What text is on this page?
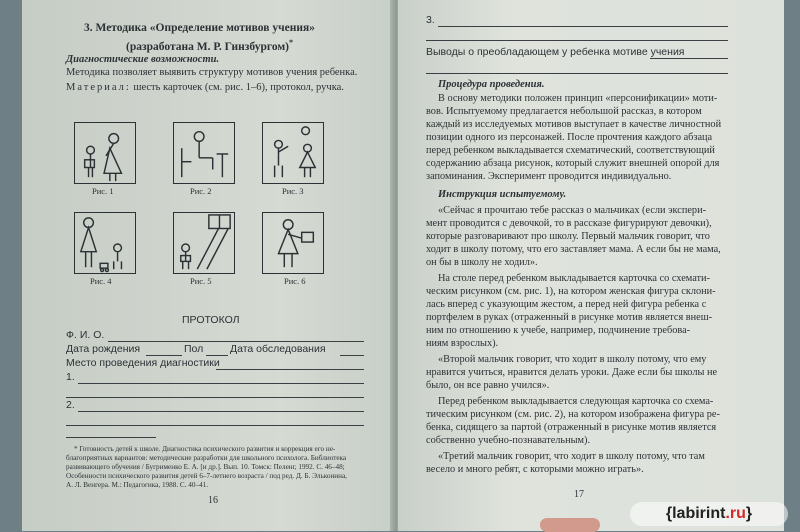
3. Методика «Определение мотивов учения»
(разработана М. Р. Гинзбургом)*
Диагностические возможности.
Методика позволяет выявить структуру мотивов учения ребенка.
Материал: шесть карточек (см. рис. 1–6), протокол, ручка.
Рис. 1	Рис. 2	Рис. 3
Рис. 4	Рис. 5	Рис. 6
ПРОТОКОЛ
Ф. И. О.
Дата рождения	Пол	Дата обследования
Место проведения диагностики
1.
2.
* Готовность детей к школе. Диагностика психического развития и коррекция его не-
благоприятных вариантов: методические разработки для школьного психолога. Библиотека
развивающего обучения / Бугрименко Е. А. [и др.]. Вып. 10. Томск: Пеленг, 1992. С. 46–48;
Особенности психического развития детей 6–7-летнего возраста / под ред. Д. Б. Эльконина,
А. Л. Венгера. М.: Педагогика, 1988. С. 40–41.
16
3.
Выводы о преобладающем у ребенка мотиве учения
Процедура проведения.
В основу методики положен принцип «персонификации» моти-
вов. Испытуемому предлагается небольшой рассказ, в котором
каждый из исследуемых мотивов выступает в качестве личностной
позиции одного из персонажей. После прочтения каждого абзаца
перед ребенком выкладывается схематический, соответствующий
содержанию абзаца рисунок, который служит внешней опорой для
запоминания. Эксперимент проводится индивидуально.
Инструкция испытуемому.
«Сейчас я прочитаю тебе рассказ о мальчиках (если экспери-
мент проводится с девочкой, то в рассказе фигурируют девочки),
которые разговаривают про школу. Первый мальчик говорит, что
ходит в школу потому, что его заставляет мама. А если бы не мама,
он бы в школу не ходил».
На столе перед ребенком выкладывается карточка со схемати-
ческим рисунком (см. рис. 1), на котором женская фигура склони-
лась вперед с указующим жестом, а перед ней фигура ребенка с
портфелем в руках (отраженный в рисунке мотив является внеш-
ним по отношению к учебе, например, подчинение требова-
ниям взрослых).
«Второй мальчик говорит, что ходит в школу потому, что ему
нравится учиться, нравится делать уроки. Даже если бы школы не
было, он все равно учился».
Перед ребенком выкладывается следующая карточка со схема-
тическим рисунком (см. рис. 2), на котором изображена фигура ре-
бенка, сидящего за партой (отраженный в рисунке мотив является
собственно учебно-познавательным).
«Третий мальчик говорит, что ходит в школу потому, что там
весело и много ребят, с которыми можно играть».
17
{labirint.ru}
